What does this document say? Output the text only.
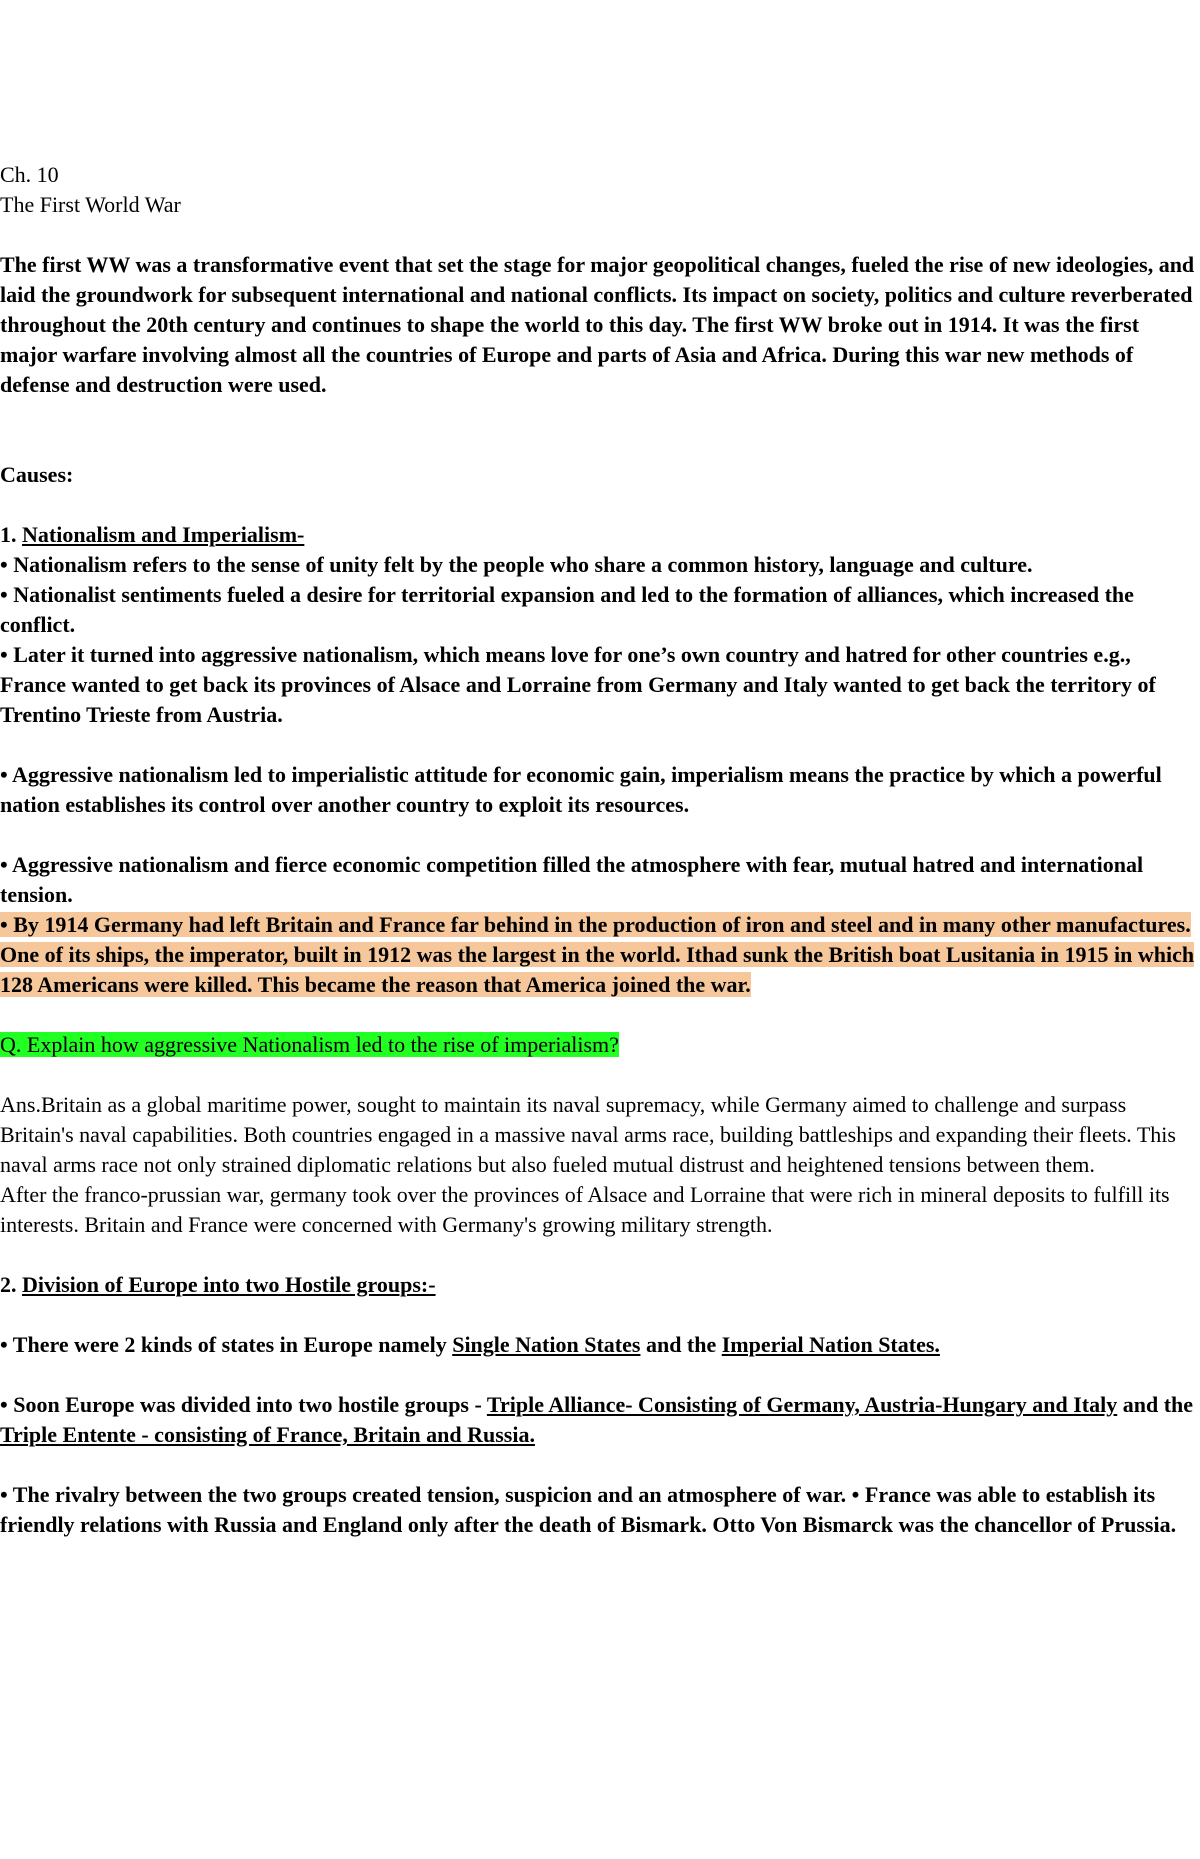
Ch. 10

The First World War

The first WW was a transformative event that set the stage for major geopolitical changes, fueled the rise of new ideologies, and laid the groundwork for subsequent international and national conflicts. Its impact on society, politics and culture reverberated throughout the 20th century and continues to shape the world to this day. The first WW broke out in 1914. It was the first major warfare involving almost all the countries of Europe and parts of Asia and Africa. During this war new methods of defense and destruction were used.

Causes:

1. Nationalism and Imperialism-

• Nationalism refers to the sense of unity felt by the people who share a common history, language and culture.

• Nationalist sentiments fueled a desire for territorial expansion and led to the formation of alliances, which increased the conflict.

• Later it turned into aggressive nationalism, which means love for one’s own country and hatred for other countries e.g., France wanted to get back its provinces of Alsace and Lorraine from Germany and Italy wanted to get back the territory of Trentino Trieste from Austria.

• Aggressive nationalism led to imperialistic attitude for economic gain, imperialism means the practice by which a powerful nation establishes its control over another country to exploit its resources.

• Aggressive nationalism and fierce economic competition filled the atmosphere with fear, mutual hatred and international tension.

• By 1914 Germany had left Britain and France far behind in the production of iron and steel and in many other manufactures. One of its ships, the imperator, built in 1912 was the largest in the world. Ithad sunk the British boat Lusitania in 1915 in which 128 Americans were killed. This became the reason that America joined the war.

Q. Explain how aggressive Nationalism led to the rise of imperialism?

Ans.Britain as a global maritime power, sought to maintain its naval supremacy, while Germany aimed to challenge and surpass Britain's naval capabilities. Both countries engaged in a massive naval arms race, building battleships and expanding their fleets. This naval arms race not only strained diplomatic relations but also fueled mutual distrust and heightened tensions between them.

After the franco-prussian war, germany took over the provinces of Alsace and Lorraine that were rich in mineral deposits to fulfill its interests. Britain and France were concerned with Germany's growing military strength.

2. Division of Europe into two Hostile groups:-

• There were 2 kinds of states in Europe namely Single Nation States and the Imperial Nation States.

• Soon Europe was divided into two hostile groups - Triple Alliance- Consisting of Germany, Austria-Hungary and Italy and the Triple Entente - consisting of France, Britain and Russia.

• The rivalry between the two groups created tension, suspicion and an atmosphere of war. • France was able to establish its friendly relations with Russia and England only after the death of Bismark. Otto Von Bismarck was the chancellor of Prussia.
